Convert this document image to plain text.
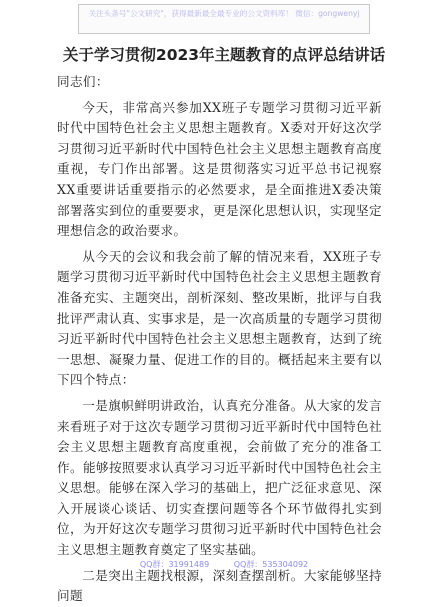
关注头条号"公文研究"，获得最新最全最专业的公文资料库！ 微信：gongwenyj
关于学习贯彻2023年主题教育的点评总结讲话

同志们：

今天，非常高兴参加XX班子专题学习贯彻习近平新时代中国特色社会主义思想主题教育。X委对开好这次学习贯彻习近平新时代中国特色社会主义思想主题教育高度重视，专门作出部署。这是贯彻落实习近平总书记视察XX重要讲话重要指示的必然要求，是全面推进X委决策部署落实到位的重要要求，更是深化思想认识，实现坚定理想信念的政治要求。

从今天的会议和我会前了解的情况来看，XX班子专题学习贯彻习近平新时代中国特色社会主义思想主题教育准备充实、主题突出，剖析深刻、整改果断，批评与自我批评严肃认真、实事求是，是一次高质量的专题学习贯彻习近平新时代中国特色社会主义思想主题教育，达到了统一思想、凝聚力量、促进工作的目的。概括起来主要有以下四个特点：

一是旗帜鲜明讲政治，认真充分准备。从大家的发言来看班子对于这次专题学习贯彻习近平新时代中国特色社会主义思想主题教育高度重视，会前做了充分的准备工作。能够按照要求认真学习习近平新时代中国特色社会主义思想。能够在深入学习的基础上，把广泛征求意见、深入开展谈心谈话、切实查摆问题等各个环节做得扎实到位，为开好这次专题学习贯彻习近平新时代中国特色社会主义思想主题教育奠定了坚实基础。

二是突出主题找根源，深刻查摆剖析。大家能够坚持问题

QQ群：31991489	QQ群：535304092
